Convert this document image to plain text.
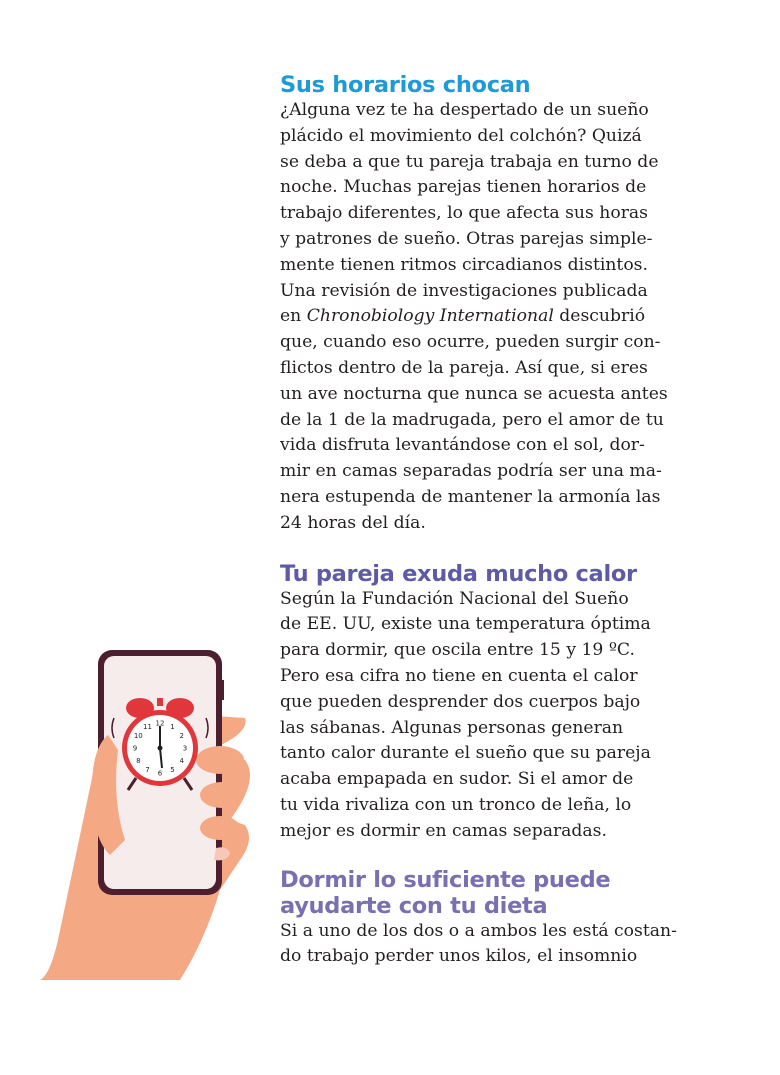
Sus horarios chocan

¿Alguna vez te ha despertado de un sueño
plácido el movimiento del colchón? Quizá
se deba a que tu pareja trabaja en turno de
noche. Muchas parejas tienen horarios de
trabajo diferentes, lo que afecta sus horas
y patrones de sueño. Otras parejas simple-
mente tienen ritmos circadianos distintos.
Una revisión de investigaciones publicada
en Chronobiology International descubrió
que, cuando eso ocurre, pueden surgir con-
flictos dentro de la pareja. Así que, si eres
un ave nocturna que nunca se acuesta antes
de la 1 de la madrugada, pero el amor de tu
vida disfruta levantándose con el sol, dor-
mir en camas separadas podría ser una ma-
nera estupenda de mantener la armonía las
24 horas del día.

Tu pareja exuda mucho calor

Según la Fundación Nacional del Sueño
de EE. UU, existe una temperatura óptima
para dormir, que oscila entre 15 y 19 ºC.
Pero esa cifra no tiene en cuenta el calor
que pueden desprender dos cuerpos bajo
las sábanas. Algunas personas generan
tanto calor durante el sueño que su pareja
acaba empapada en sudor. Si el amor de
tu vida rivaliza con un tronco de leña, lo
mejor es dormir en camas separadas.

Dormir lo suficiente puede
ayudarte con tu dieta

Si a uno de los dos o a ambos les está costan-
do trabajo perder unos kilos, el insomnio

12 1
2
3
4
5
6
7
8
9
10
11
